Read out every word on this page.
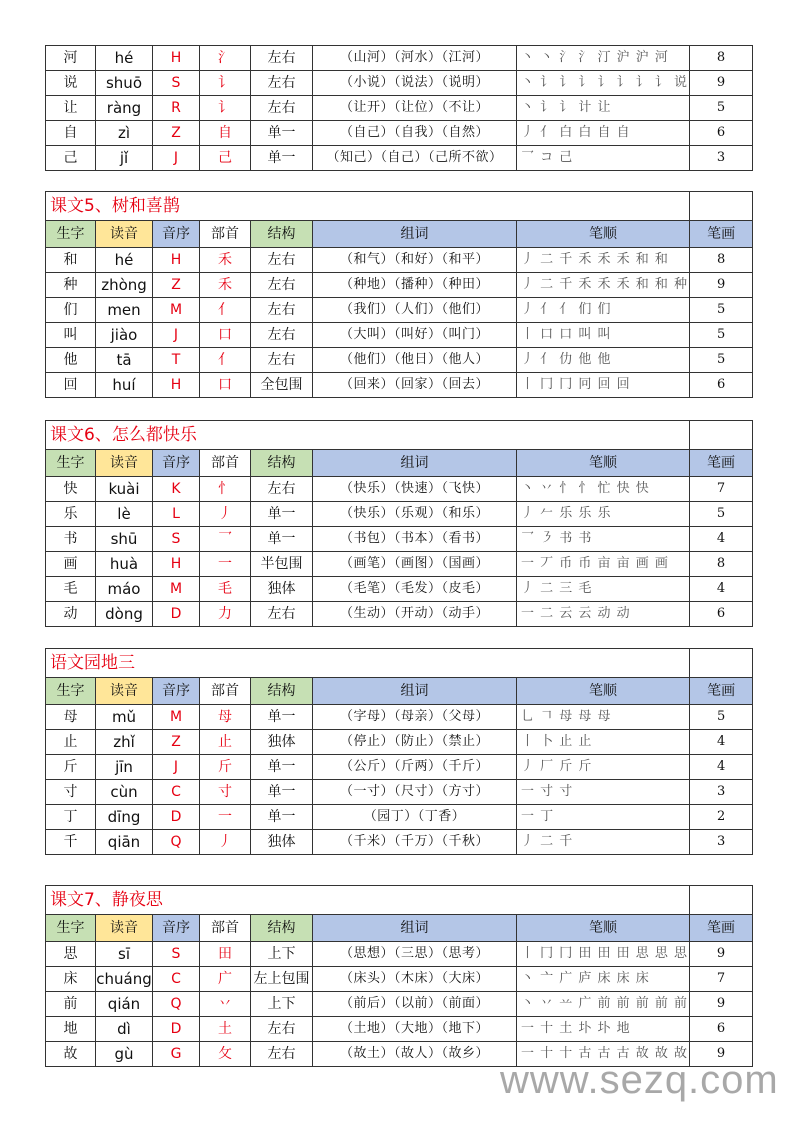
河	hé	H	氵	左右	（山河）（河水）（江河）	丶 丶 氵 氵 汀 沪 沪 河	8
说	shuō	S	讠	左右	（小说）（说法）（说明）	丶 讠 讠 讠 讠 讠 讠 讠 说	9
让	ràng	R	讠	左右	（让开）（让位）（不让）	丶 讠 讠 计 让	5
自	zì	Z	自	单一	（自己）（自我）（自然）	丿 亻 白 白 自 自	6
己	jǐ	J	己	单一	（知己）（自己）（己所不欲）	乛 コ 己	3
课文5、树和喜鹊							
生字	读音	音序	部首	结构	组词	笔顺	笔画
和	hé	H	禾	左右	（和气）（和好）（和平）	丿 二 千 禾 禾 禾 和 和	8
种	zhòng	Z	禾	左右	（种地）（播种）（种田）	丿 二 千 禾 禾 禾 和 和 种	9
们	men	M	亻	左右	（我们）（人们）（他们）	丿 亻 亻 们 们	5
叫	jiào	J	口	左右	（大叫）（叫好）（叫门）	丨 口 口 叫 叫	5
他	tā	T	亻	左右	（他们）（他日）（他人）	丿 亻 仂 他 他	5
回	huí	H	口	全包围	（回来）（回家）（回去）	丨 冂 冂 冋 回 回	6
课文6、怎么都快乐							
生字	读音	音序	部首	结构	组词	笔顺	笔画
快	kuài	K	忄	左右	（快乐）（快速）（飞快）	丶 丷 忄 忄 忙 快 快	7
乐	lè	L	丿	单一	（快乐）（乐观）（和乐）	丿 𠂉 乐 乐 乐	5
书	shū	S	乛	单一	（书包）（书本）（看书）	乛 ㇋ 书 书	4
画	huà	H	一	半包围	（画笔）（画图）（国画）	一 丆 币 币 亩 亩 画 画	8
毛	máo	M	毛	独体	（毛笔）（毛发）（皮毛）	丿 二 三 毛	4
动	dòng	D	力	左右	（生动）（开动）（动手）	一 二 云 云 动 动	6
语文园地三							
生字	读音	音序	部首	结构	组词	笔顺	笔画
母	mǔ	M	母	单一	（字母）（母亲）（父母）	乚 𠃍 母 母 母	5
止	zhǐ	Z	止	独体	（停止）（防止）（禁止）	丨 卜 止 止	4
斤	jīn	J	斤	单一	（公斤）（斤两）（千斤）	丿 厂 斤 斤	4
寸	cùn	C	寸	单一	（一寸）（尺寸）（方寸）	一 寸 寸	3
丁	dīng	D	一	单一	（园丁）（丁香）	一 丁	2
千	qiān	Q	丿	独体	（千米）（千万）（千秋）	丿 二 千	3
课文7、静夜思							
生字	读音	音序	部首	结构	组词	笔顺	笔画
思	sī	S	田	上下	（思想）（三思）（思考）	丨 冂 冂 田 田 田 思 思 思	9
床	chuáng	C	广	左上包围	（床头）（木床）（大床）	丶 亠 广 庐 床 床 床	7
前	qián	Q	丷	上下	（前后）（以前）（前面）	丶 丷 䒑 广 前 前 前 前 前	9
地	dì	D	土	左右	（土地）（大地）（地下）	一 十 土 圤 圤 地	6
故	gù	G	攵	左右	（故土）（故人）（故乡）	一 十 十 古 古 古 故 故 故	9
www.sezq.com
